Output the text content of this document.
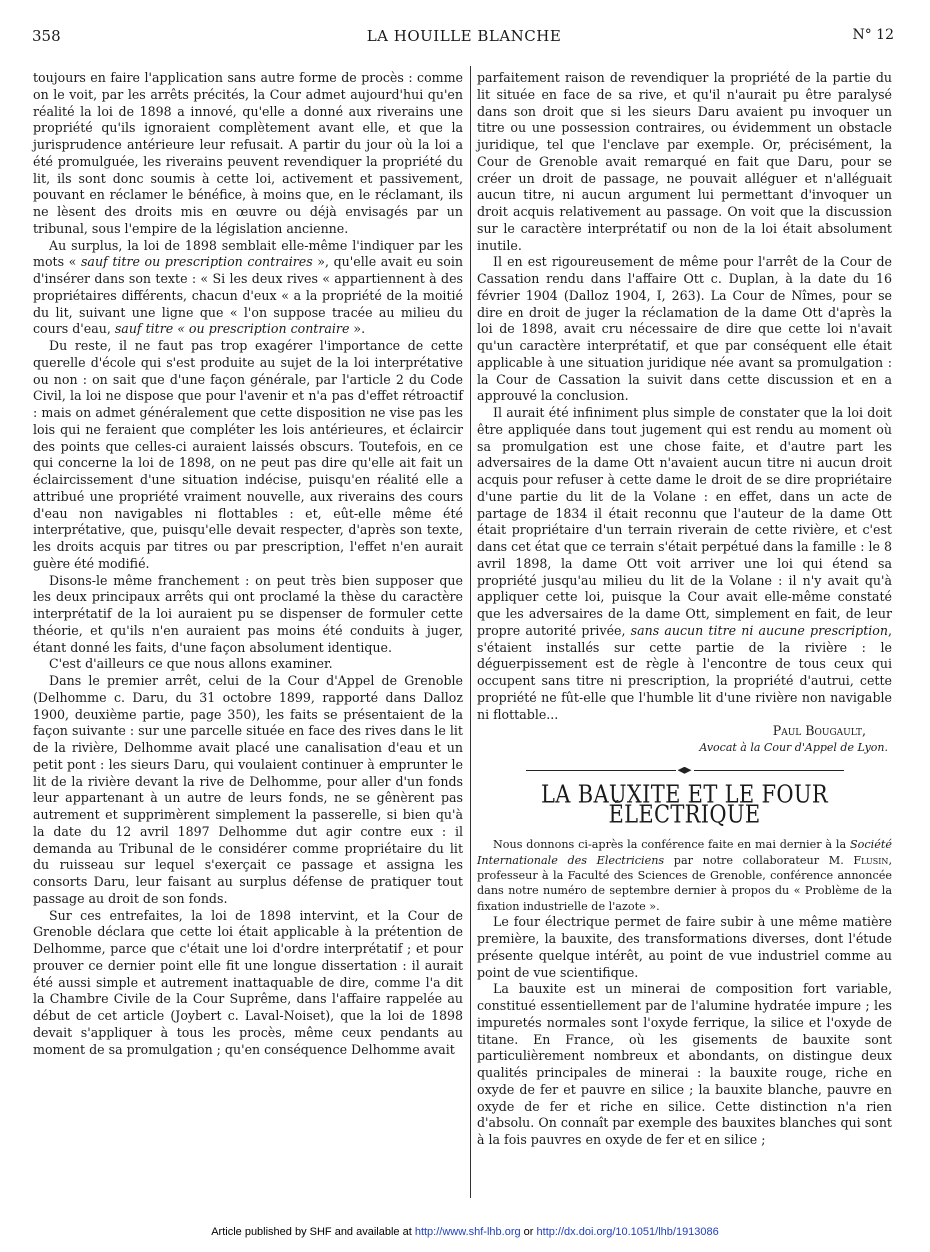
358	LA HOUILLE BLANCHE	N° 12

toujours en faire l'application sans autre forme de procès : comme on le voit, par les arrêts précités, la Cour admet aujourd'hui qu'en réalité la loi de 1898 a innové, qu'elle a donné aux riverains une propriété qu'ils ignoraient complètement avant elle, et que la jurisprudence antérieure leur refusait. A partir du jour où la loi a été promulguée, les riverains peuvent revendiquer la propriété du lit, ils sont donc soumis à cette loi, activement et passivement, pouvant en réclamer le bénéfice, à moins que, en le réclamant, ils ne lèsent des droits mis en œuvre ou déjà envisagés par un tribunal, sous l'empire de la législation ancienne.

Au surplus, la loi de 1898 semblait elle-même l'indiquer par les mots « sauf titre ou prescription contraires », qu'elle avait eu soin d'insérer dans son texte : « Si les deux rives « appartiennent à des propriétaires différents, chacun d'eux « a la propriété de la moitié du lit, suivant une ligne que « l'on suppose tracée au milieu du cours d'eau, sauf titre « ou prescription contraire ».

Du reste, il ne faut pas trop exagérer l'importance de cette querelle d'école qui s'est produite au sujet de la loi interprétative ou non : on sait que d'une façon générale, par l'article 2 du Code Civil, la loi ne dispose que pour l'avenir et n'a pas d'effet rétroactif : mais on admet généralement que cette disposition ne vise pas les lois qui ne feraient que compléter les lois antérieures, et éclaircir des points que celles-ci auraient laissés obscurs. Toutefois, en ce qui concerne la loi de 1898, on ne peut pas dire qu'elle ait fait un éclaircissement d'une situation indécise, puisqu'en réalité elle a attribué une propriété vraiment nouvelle, aux riverains des cours d'eau non navigables ni flottables : et, eût-elle même été interprétative, que, puisqu'elle devait respecter, d'après son texte, les droits acquis par titres ou par prescription, l'effet n'en aurait guère été modifié.

Disons-le même franchement : on peut très bien supposer que les deux principaux arrêts qui ont proclamé la thèse du caractère interprétatif de la loi auraient pu se dispenser de formuler cette théorie, et qu'ils n'en auraient pas moins été conduits à juger, étant donné les faits, d'une façon absolument identique.

C'est d'ailleurs ce que nous allons examiner.

Dans le premier arrêt, celui de la Cour d'Appel de Grenoble (Delhomme c. Daru, du 31 octobre 1899, rapporté dans Dalloz 1900, deuxième partie, page 350), les faits se présentaient de la façon suivante : sur une parcelle située en face des rives dans le lit de la rivière, Delhomme avait placé une canalisation d'eau et un petit pont : les sieurs Daru, qui voulaient continuer à emprunter le lit de la rivière devant la rive de Delhomme, pour aller d'un fonds leur appartenant à un autre de leurs fonds, ne se gênèrent pas autrement et supprimèrent simplement la passerelle, si bien qu'à la date du 12 avril 1897 Delhomme dut agir contre eux : il demanda au Tribunal de le considérer comme propriétaire du lit du ruisseau sur lequel s'exerçait ce passage et assigna les consorts Daru, leur faisant au surplus défense de pratiquer tout passage au droit de son fonds.

Sur ces entrefaites, la loi de 1898 intervint, et la Cour de Grenoble déclara que cette loi était applicable à la prétention de Delhomme, parce que c'était une loi d'ordre interprétatif ; et pour prouver ce dernier point elle fit une longue dissertation : il aurait été aussi simple et autrement inattaquable de dire, comme l'a dit la Chambre Civile de la Cour Suprême, dans l'affaire rappelée au début de cet article (Joybert c. Laval-Noiset), que la loi de 1898 devait s'appliquer à tous les procès, même ceux pendants au moment de sa promulgation ; qu'en conséquence Delhomme avait

parfaitement raison de revendiquer la propriété de la partie du lit située en face de sa rive, et qu'il n'aurait pu être paralysé dans son droit que si les sieurs Daru avaient pu invoquer un titre ou une possession contraires, ou évidemment un obstacle juridique, tel que l'enclave par exemple. Or, précisément, la Cour de Grenoble avait remarqué en fait que Daru, pour se créer un droit de passage, ne pouvait alléguer et n'alléguait aucun titre, ni aucun argument lui permettant d'invoquer un droit acquis relativement au passage. On voit que la discussion sur le caractère interprétatif ou non de la loi était absolument inutile.

Il en est rigoureusement de même pour l'arrêt de la Cour de Cassation rendu dans l'affaire Ott c. Duplan, à la date du 16 février 1904 (Dalloz 1904, I, 263). La Cour de Nîmes, pour se dire en droit de juger la réclamation de la dame Ott d'après la loi de 1898, avait cru nécessaire de dire que cette loi n'avait qu'un caractère interprétatif, et que par conséquent elle était applicable à une situation juridique née avant sa promulgation : la Cour de Cassation la suivit dans cette discussion et en a approuvé la conclusion.

Il aurait été infiniment plus simple de constater que la loi doit être appliquée dans tout jugement qui est rendu au moment où sa promulgation est une chose faite, et d'autre part les adversaires de la dame Ott n'avaient aucun titre ni aucun droit acquis pour refuser à cette dame le droit de se dire propriétaire d'une partie du lit de la Volane : en effet, dans un acte de partage de 1834 il était reconnu que l'auteur de la dame Ott était propriétaire d'un terrain riverain de cette rivière, et c'est dans cet état que ce terrain s'était perpétué dans la famille : le 8 avril 1898, la dame Ott voit arriver une loi qui étend sa propriété jusqu'au milieu du lit de la Volane : il n'y avait qu'à appliquer cette loi, puisque la Cour avait elle-même constaté que les adversaires de la dame Ott, simplement en fait, de leur propre autorité privée, sans aucun titre ni aucune prescription, s'étaient installés sur cette partie de la rivière : le déguerpissement est de règle à l'encontre de tous ceux qui occupent sans titre ni prescription, la propriété d'autrui, cette propriété ne fût-elle que l'humble lit d'une rivière non navigable ni flottable...

Paul Bougault,

Avocat à la Cour d'Appel de Lyon.

LA BAUXITE ET LE FOUR ÉLECTRIQUE

Nous donnons ci-après la conférence faite en mai dernier à la Société Internationale des Electriciens par notre collaborateur M. Flusin, professeur à la Faculté des Sciences de Grenoble, conférence annoncée dans notre numéro de septembre dernier à propos du « Problème de la fixation industrielle de l'azote ».

Le four électrique permet de faire subir à une même matière première, la bauxite, des transformations diverses, dont l'étude présente quelque intérêt, au point de vue industriel comme au point de vue scientifique.

La bauxite est un minerai de composition fort variable, constitué essentiellement par de l'alumine hydratée impure ; les impuretés normales sont l'oxyde ferrique, la silice et l'oxyde de titane. En France, où les gisements de bauxite sont particulièrement nombreux et abondants, on distingue deux qualités principales de minerai : la bauxite rouge, riche en oxyde de fer et pauvre en silice ; la bauxite blanche, pauvre en oxyde de fer et riche en silice. Cette distinction n'a rien d'absolu. On connaît par exemple des bauxites blanches qui sont à la fois pauvres en oxyde de fer et en silice ;

Article published by SHF and available at http://www.shf-lhb.org or http://dx.doi.org/10.1051/lhb/1913086
